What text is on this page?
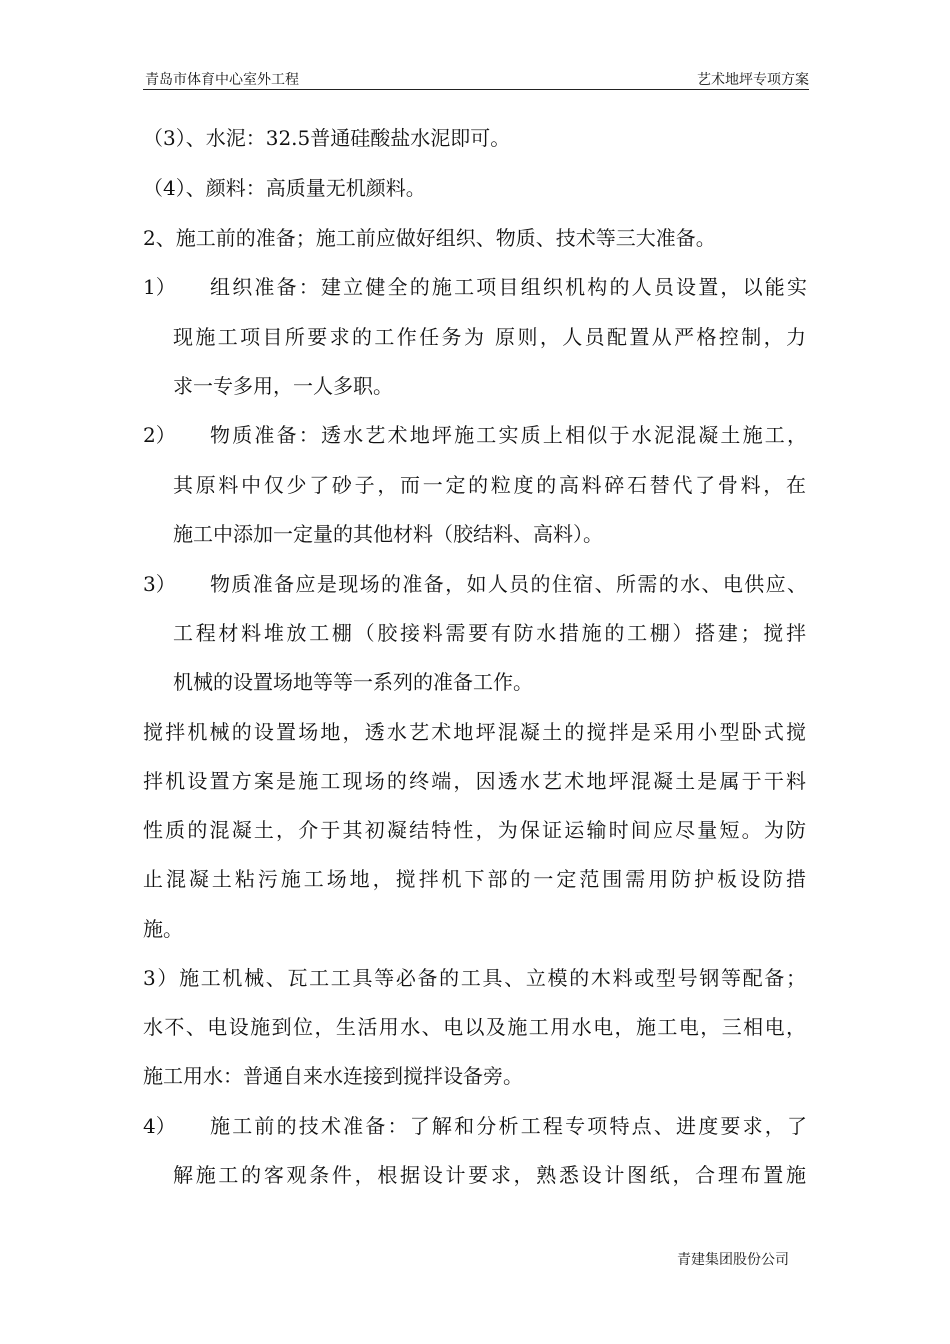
青岛市体育中心室外工程	艺术地坪专项方案
（3）、水泥：32.5普通硅酸盐水泥即可。
（4）、颜料：高质量无机颜料。
2、施工前的准备；施工前应做好组织、物质、技术等三大准备。
1） 组织准备：建立健全的施工项目组织机构的人员设置，以能实
现施工项目所要求的工作任务为 原则，人员配置从严格控制，力
求一专多用，一人多职。
2） 物质准备：透水艺术地坪施工实质上相似于水泥混凝土施工，
其原料中仅少了砂子，而一定的粒度的高料碎石替代了骨料，在
施工中添加一定量的其他材料（胶结料、高料）。
3） 物质准备应是现场的准备，如人员的住宿、所需的水、电供应、
工程材料堆放工棚（胶接料需要有防水措施的工棚）搭建；搅拌
机械的设置场地等等一系列的准备工作。
搅拌机械的设置场地，透水艺术地坪混凝土的搅拌是采用小型卧式搅
拌机设置方案是施工现场的终端，因透水艺术地坪混凝土是属于干料
性质的混凝土，介于其初凝结特性，为保证运输时间应尽量短。为防
止混凝土粘污施工场地，搅拌机下部的一定范围需用防护板设防措
施。
3）施工机械、瓦工工具等必备的工具、立模的木料或型号钢等配备；
水不、电设施到位，生活用水、电以及施工用水电，施工电，三相电，
施工用水：普通自来水连接到搅拌设备旁。
4） 施工前的技术准备：了解和分析工程专项特点、进度要求，了
解施工的客观条件，根据设计要求，熟悉设计图纸，合理布置施
青建集团股份公司
